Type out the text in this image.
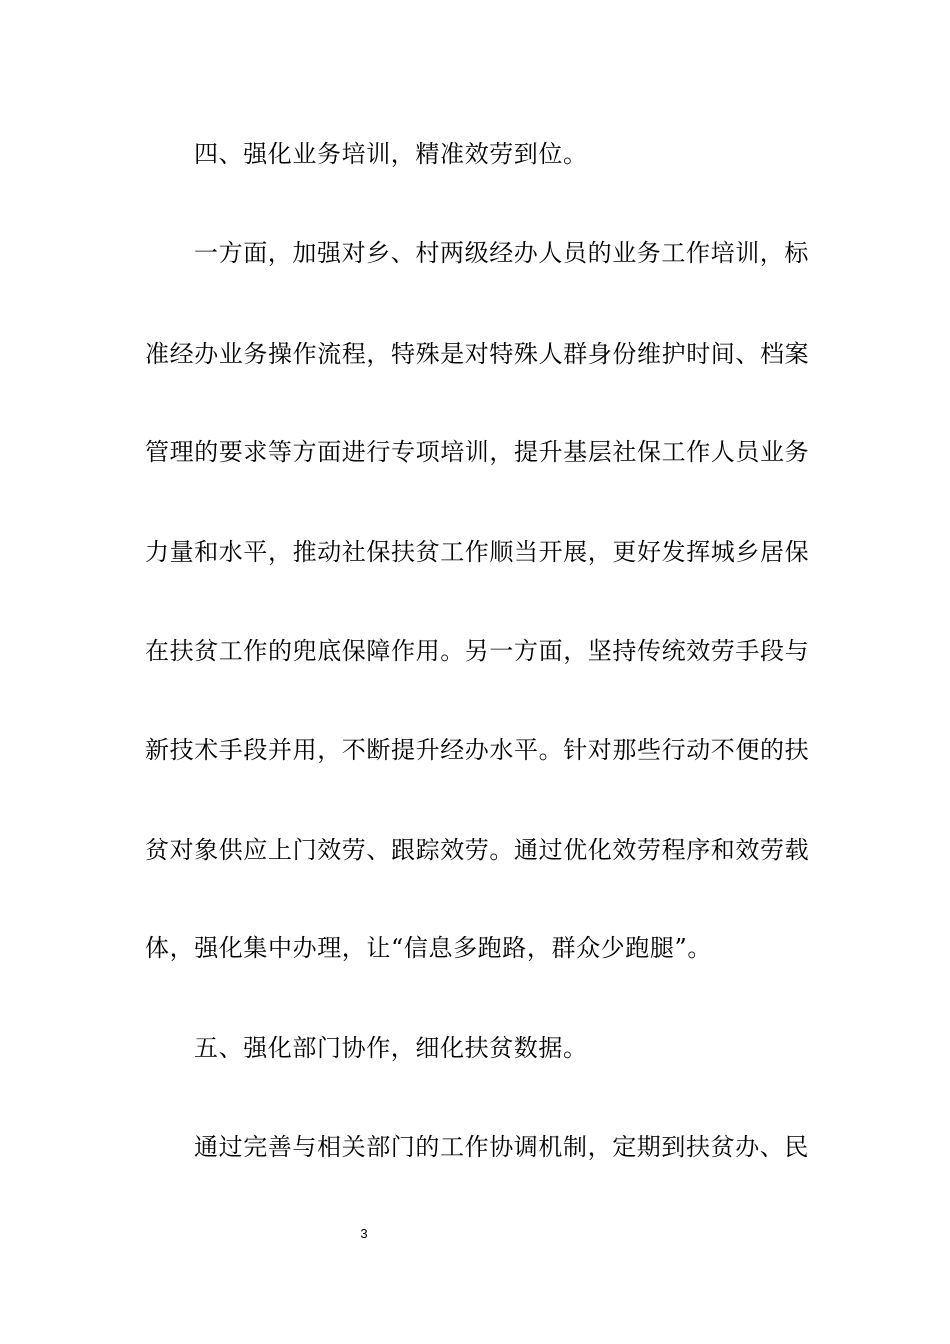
四、强化业务培训，精准效劳到位。
一方面，加强对乡、村两级经办人员的业务工作培训，标
准经办业务操作流程，特殊是对特殊人群身份维护时间、档案
管理的要求等方面进行专项培训，提升基层社保工作人员业务
力量和水平，推动社保扶贫工作顺当开展，更好发挥城乡居保
在扶贫工作的兜底保障作用。另一方面，坚持传统效劳手段与
新技术手段并用，不断提升经办水平。针对那些行动不便的扶
贫对象供应上门效劳、跟踪效劳。通过优化效劳程序和效劳载
体，强化集中办理，让“信息多跑路，群众少跑腿”。
五、强化部门协作，细化扶贫数据。
通过完善与相关部门的工作协调机制，定期到扶贫办、民
3
